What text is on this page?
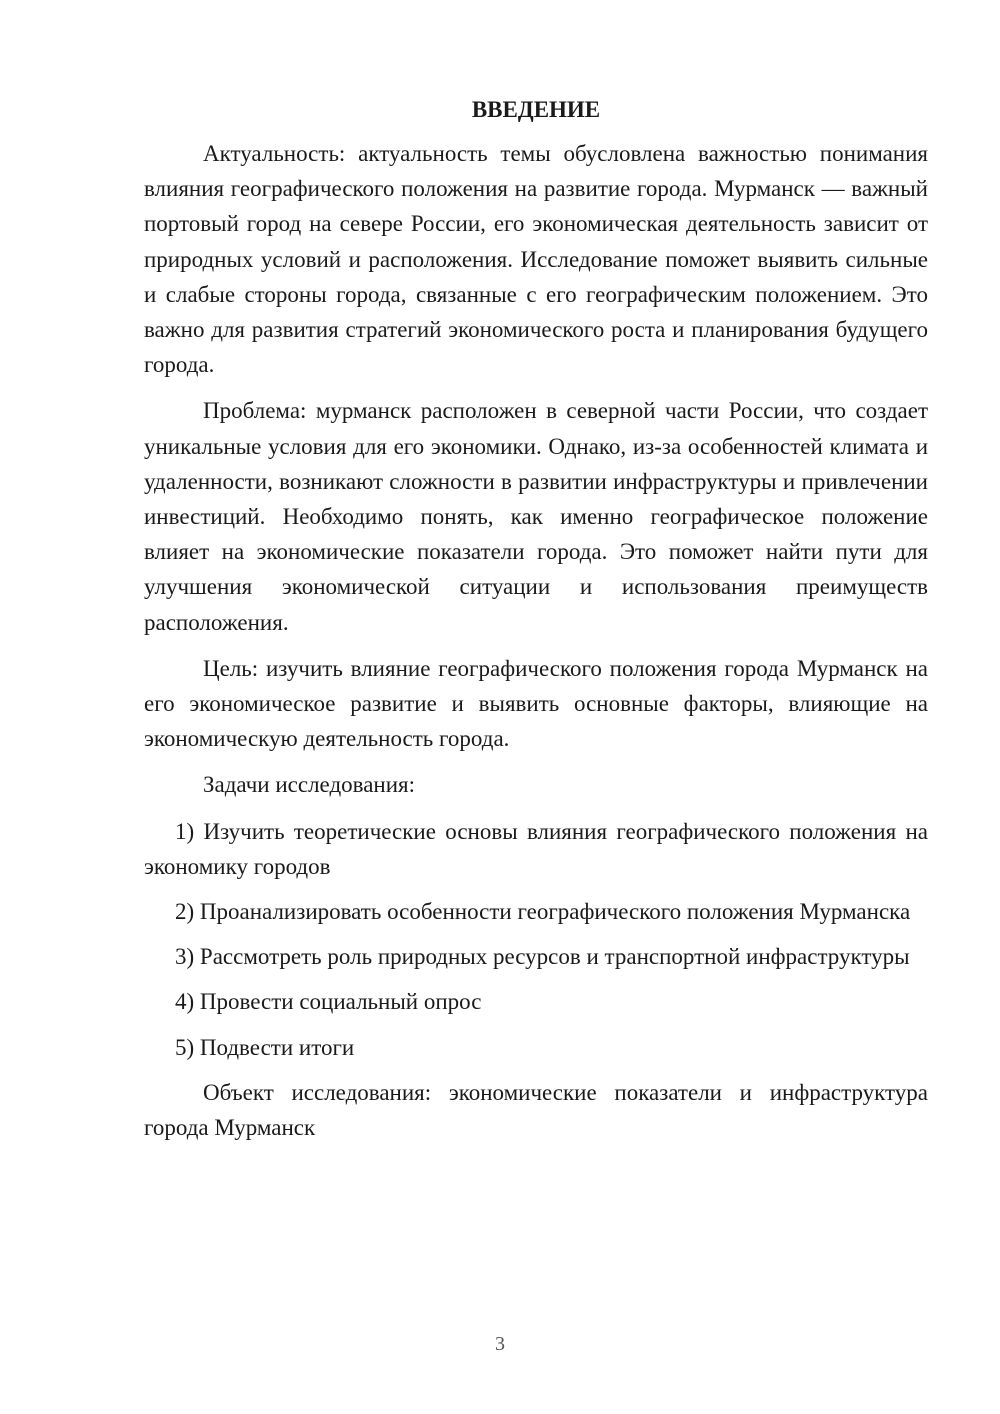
ВВЕДЕНИЕ

Актуальность: актуальность темы обусловлена важностью понимания влияния географического положения на развитие города. Мурманск — важный портовый город на севере России, его экономическая деятельность зависит от природных условий и расположения. Исследование поможет выявить сильные и слабые стороны города, связанные с его географическим положением. Это важно для развития стратегий экономического роста и планирования будущего города.

Проблема: мурманск расположен в северной части России, что создает уникальные условия для его экономики. Однако, из-за особенностей климата и удаленности, возникают сложности в развитии инфраструктуры и привлечении инвестиций. Необходимо понять, как именно географическое положение влияет на экономические показатели города. Это поможет найти пути для улучшения экономической ситуации и использования преимуществ расположения.

Цель: изучить влияние географического положения города Мурманск на его экономическое развитие и выявить основные факторы, влияющие на экономическую деятельность города.

Задачи исследования:

1) Изучить теоретические основы влияния географического положения на экономику городов

2) Проанализировать особенности географического положения Мурманска

3) Рассмотреть роль природных ресурсов и транспортной инфраструктуры

4) Провести социальный опрос

5) Подвести итоги

Объект исследования: экономические показатели и инфраструктура города Мурманск

3
